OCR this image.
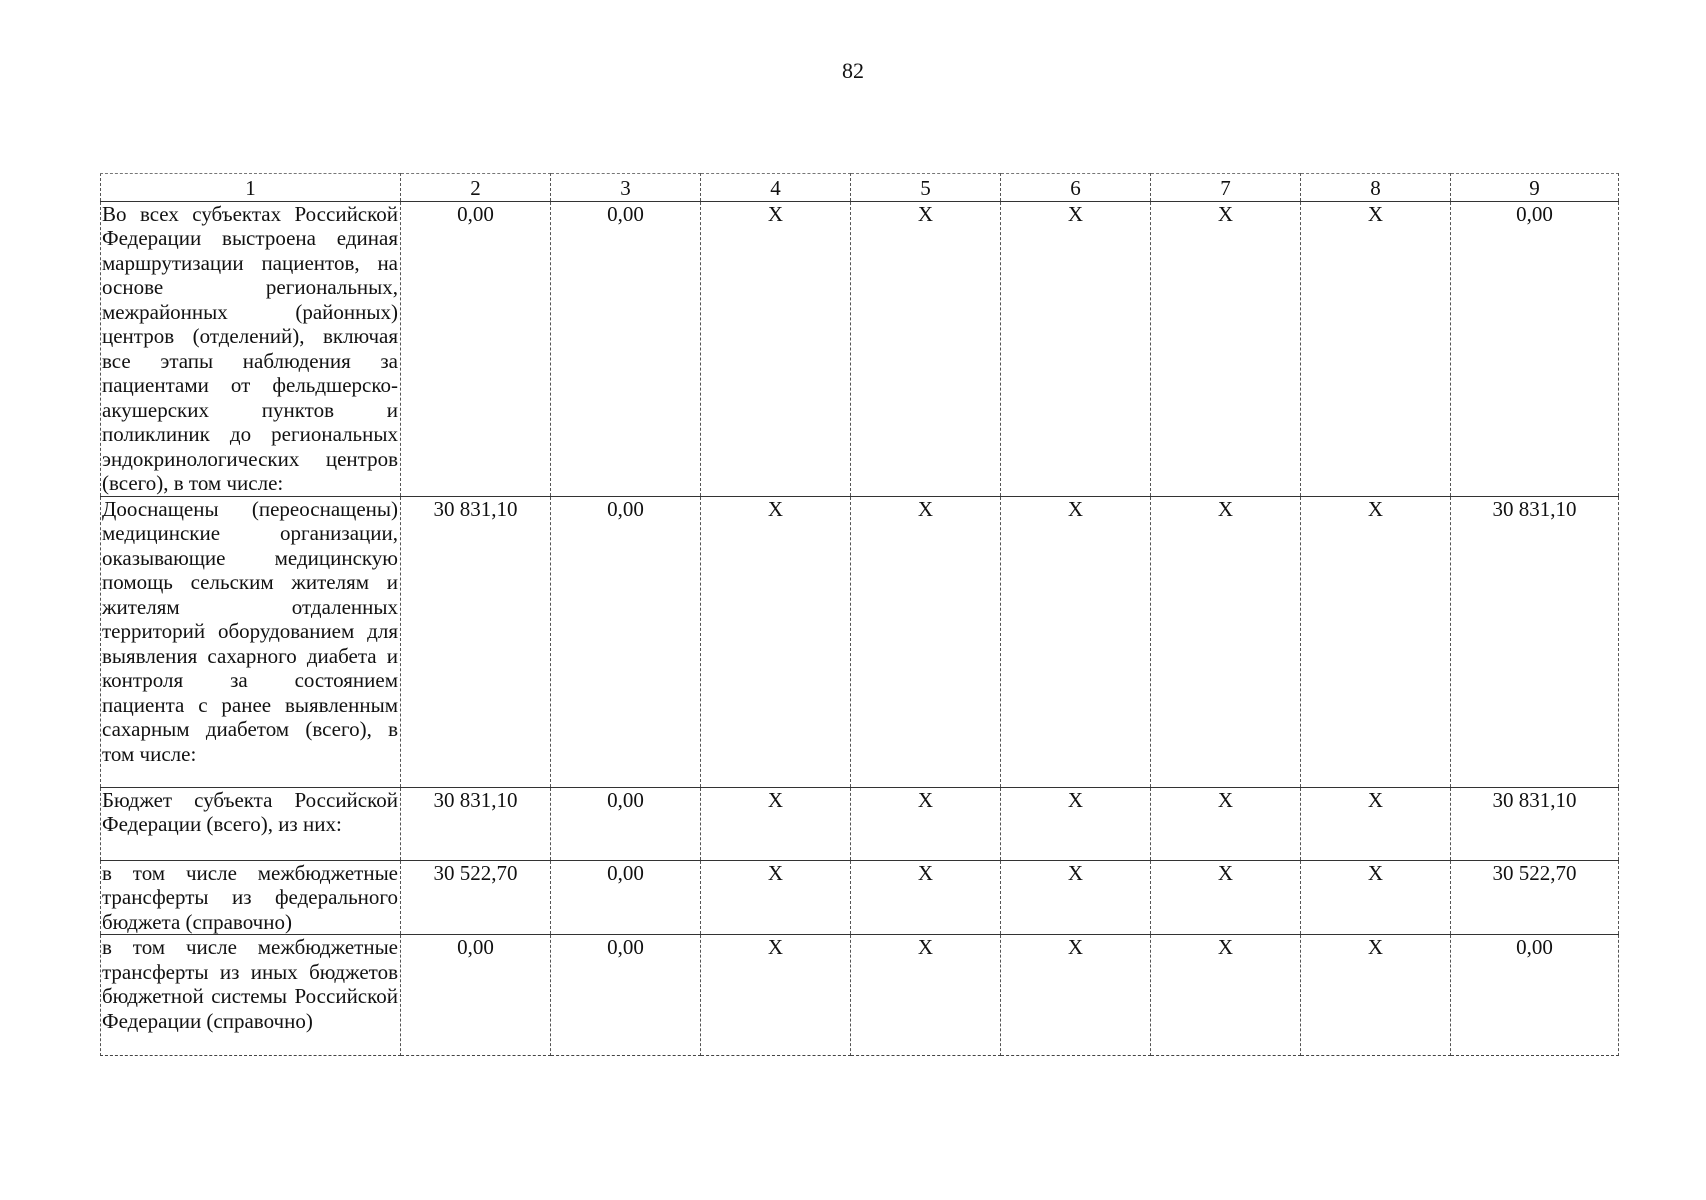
82
1	2	3	4	5	6	7	8	9
Во всех субъектах Российской Федерации выстроена единая маршрутизации пациентов, на основе региональных, межрайонных (районных) центров (отделений), включая все этапы наблюдения за пациентами от фельдшерско-акушерских пунктов и поликлиник до региональных эндокринологических центров (всего), в том числе:	0,00	0,00	X	X	X	X	X	0,00
Дооснащены (переоснащены) медицинские организации, оказывающие медицинскую помощь сельским жителям и жителям отдаленных территорий оборудованием для выявления сахарного диабета и контроля за состоянием пациента с ранее выявленным сахарным диабетом (всего), в том числе:	30 831,10	0,00	X	X	X	X	X	30 831,10
Бюджет субъекта Российской Федерации (всего), из них:	30 831,10	0,00	X	X	X	X	X	30 831,10
в том числе межбюджетные трансферты из федерального бюджета (справочно)	30 522,70	0,00	X	X	X	X	X	30 522,70
в том числе межбюджетные трансферты из иных бюджетов бюджетной системы Российской Федерации (справочно)	0,00	0,00	X	X	X	X	X	0,00
